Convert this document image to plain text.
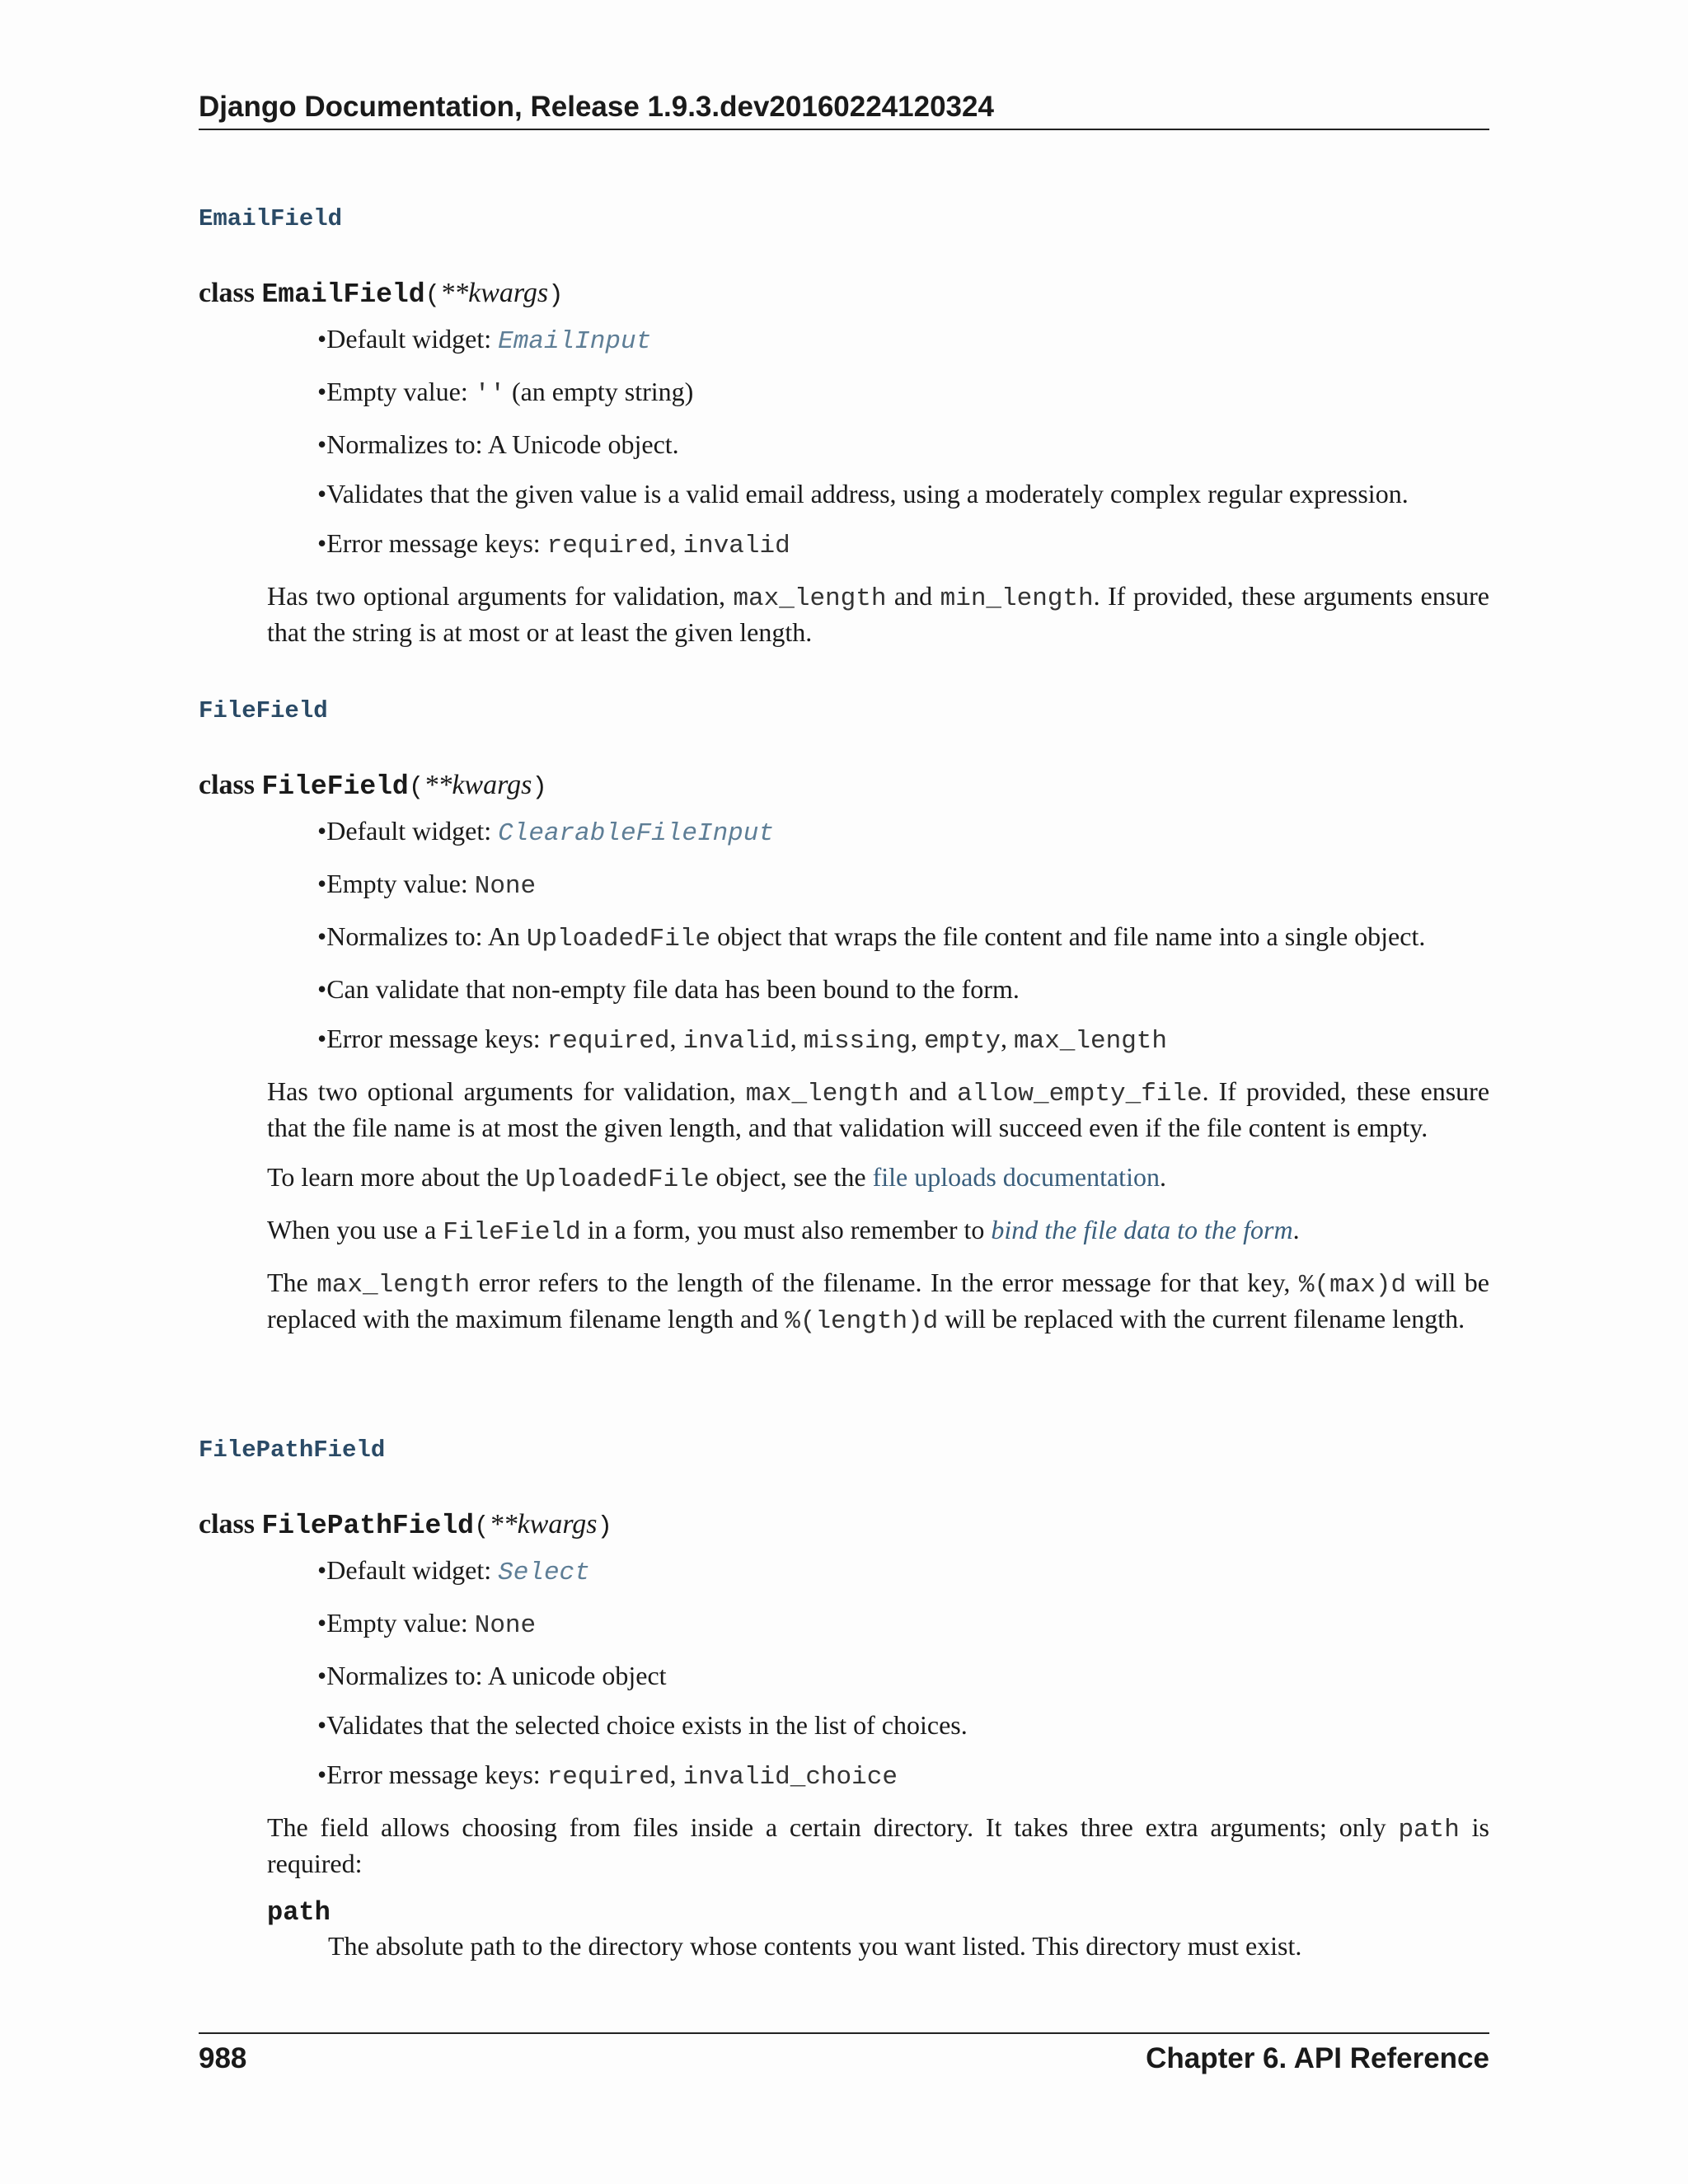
Django Documentation, Release 1.9.3.dev20160224120324
EmailField
class EmailField(**kwargs)
• Default widget: EmailInput
• Empty value: '' (an empty string)
• Normalizes to: A Unicode object.
• Validates that the given value is a valid email address, using a moderately complex regular expression.
• Error message keys: required, invalid

Has two optional arguments for validation, max_length and min_length. If provided, these arguments ensure that the string is at most or at least the given length.

FileField
class FileField(**kwargs)
• Default widget: ClearableFileInput
• Empty value: None
• Normalizes to: An UploadedFile object that wraps the file content and file name into a single object.
• Can validate that non-empty file data has been bound to the form.
• Error message keys: required, invalid, missing, empty, max_length

Has two optional arguments for validation, max_length and allow_empty_file. If provided, these ensure that the file name is at most the given length, and that validation will succeed even if the file content is empty.

To learn more about the UploadedFile object, see the file uploads documentation.

When you use a FileField in a form, you must also remember to bind the file data to the form.

The max_length error refers to the length of the filename. In the error message for that key, %(max)d will be replaced with the maximum filename length and %(length)d will be replaced with the current filename length.

FilePathField
class FilePathField(**kwargs)
• Default widget: Select
• Empty value: None
• Normalizes to: A unicode object
• Validates that the selected choice exists in the list of choices.
• Error message keys: required, invalid_choice

The field allows choosing from files inside a certain directory. It takes three extra arguments; only path is required:

path
The absolute path to the directory whose contents you want listed. This directory must exist.
988	Chapter 6. API Reference
